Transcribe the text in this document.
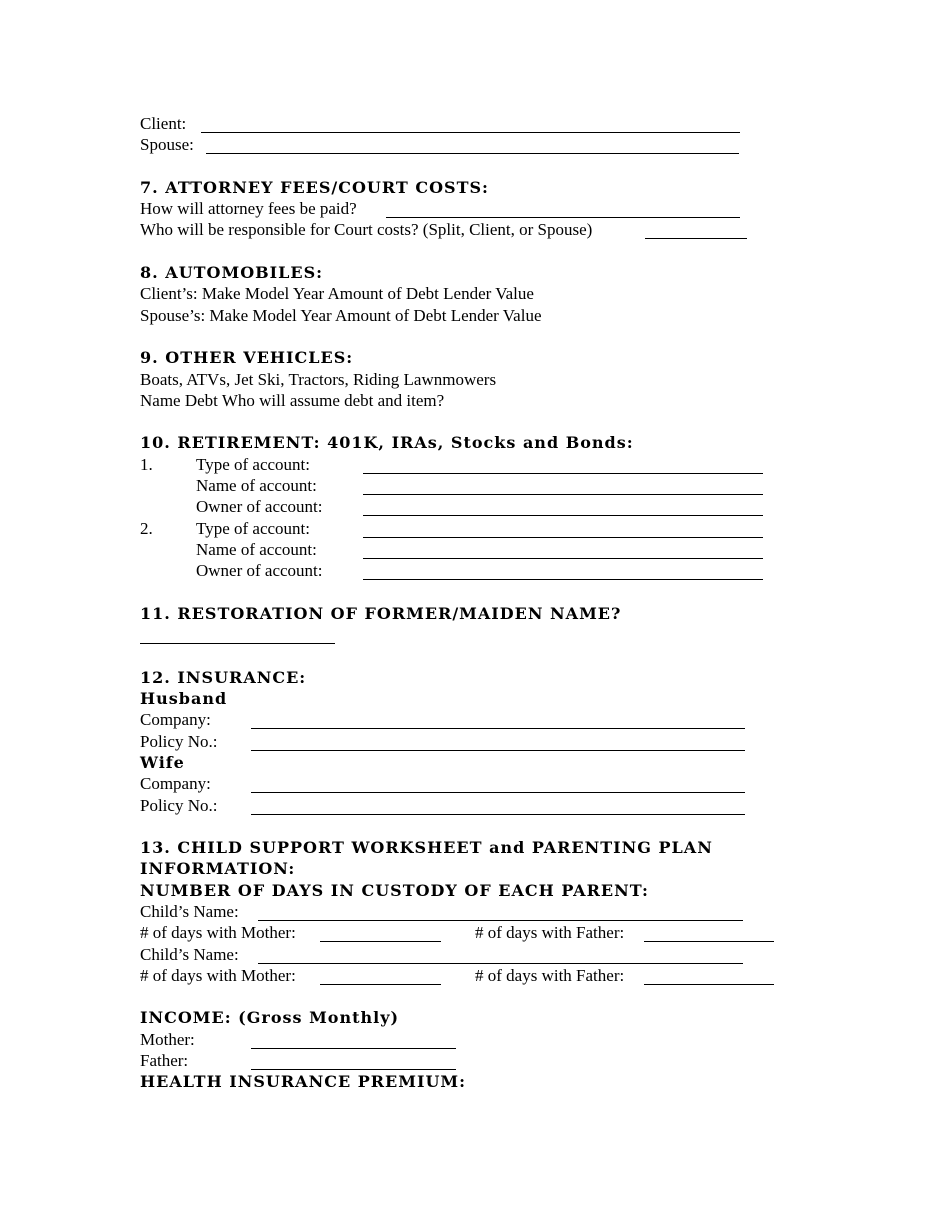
Client:
Spouse:
7. ATTORNEY FEES/COURT COSTS:
How will attorney fees be paid?
Who will be responsible for Court costs? (Split, Client, or Spouse)
8. AUTOMOBILES:
Client’s: Make Model Year Amount of Debt Lender Value
Spouse’s: Make Model Year Amount of Debt Lender Value
9. OTHER VEHICLES:
Boats, ATVs, Jet Ski, Tractors, Riding Lawnmowers
Name Debt Who will assume debt and item?
10. RETIREMENT: 401K, IRAs, Stocks and Bonds:
1.	Type of account:
Name of account:
Owner of account:
2.	Type of account:
Name of account:
Owner of account:
11. RESTORATION OF FORMER/MAIDEN NAME?
12. INSURANCE:
Husband
Company:
Policy No.:
Wife
Company:
Policy No.:
13. CHILD SUPPORT WORKSHEET and PARENTING PLAN
INFORMATION:
NUMBER OF DAYS IN CUSTODY OF EACH PARENT:
Child’s Name:
# of days with Mother:	# of days with Father:
Child’s Name:
# of days with Mother:	# of days with Father:
INCOME: (Gross Monthly)
Mother:
Father:
HEALTH INSURANCE PREMIUM:
